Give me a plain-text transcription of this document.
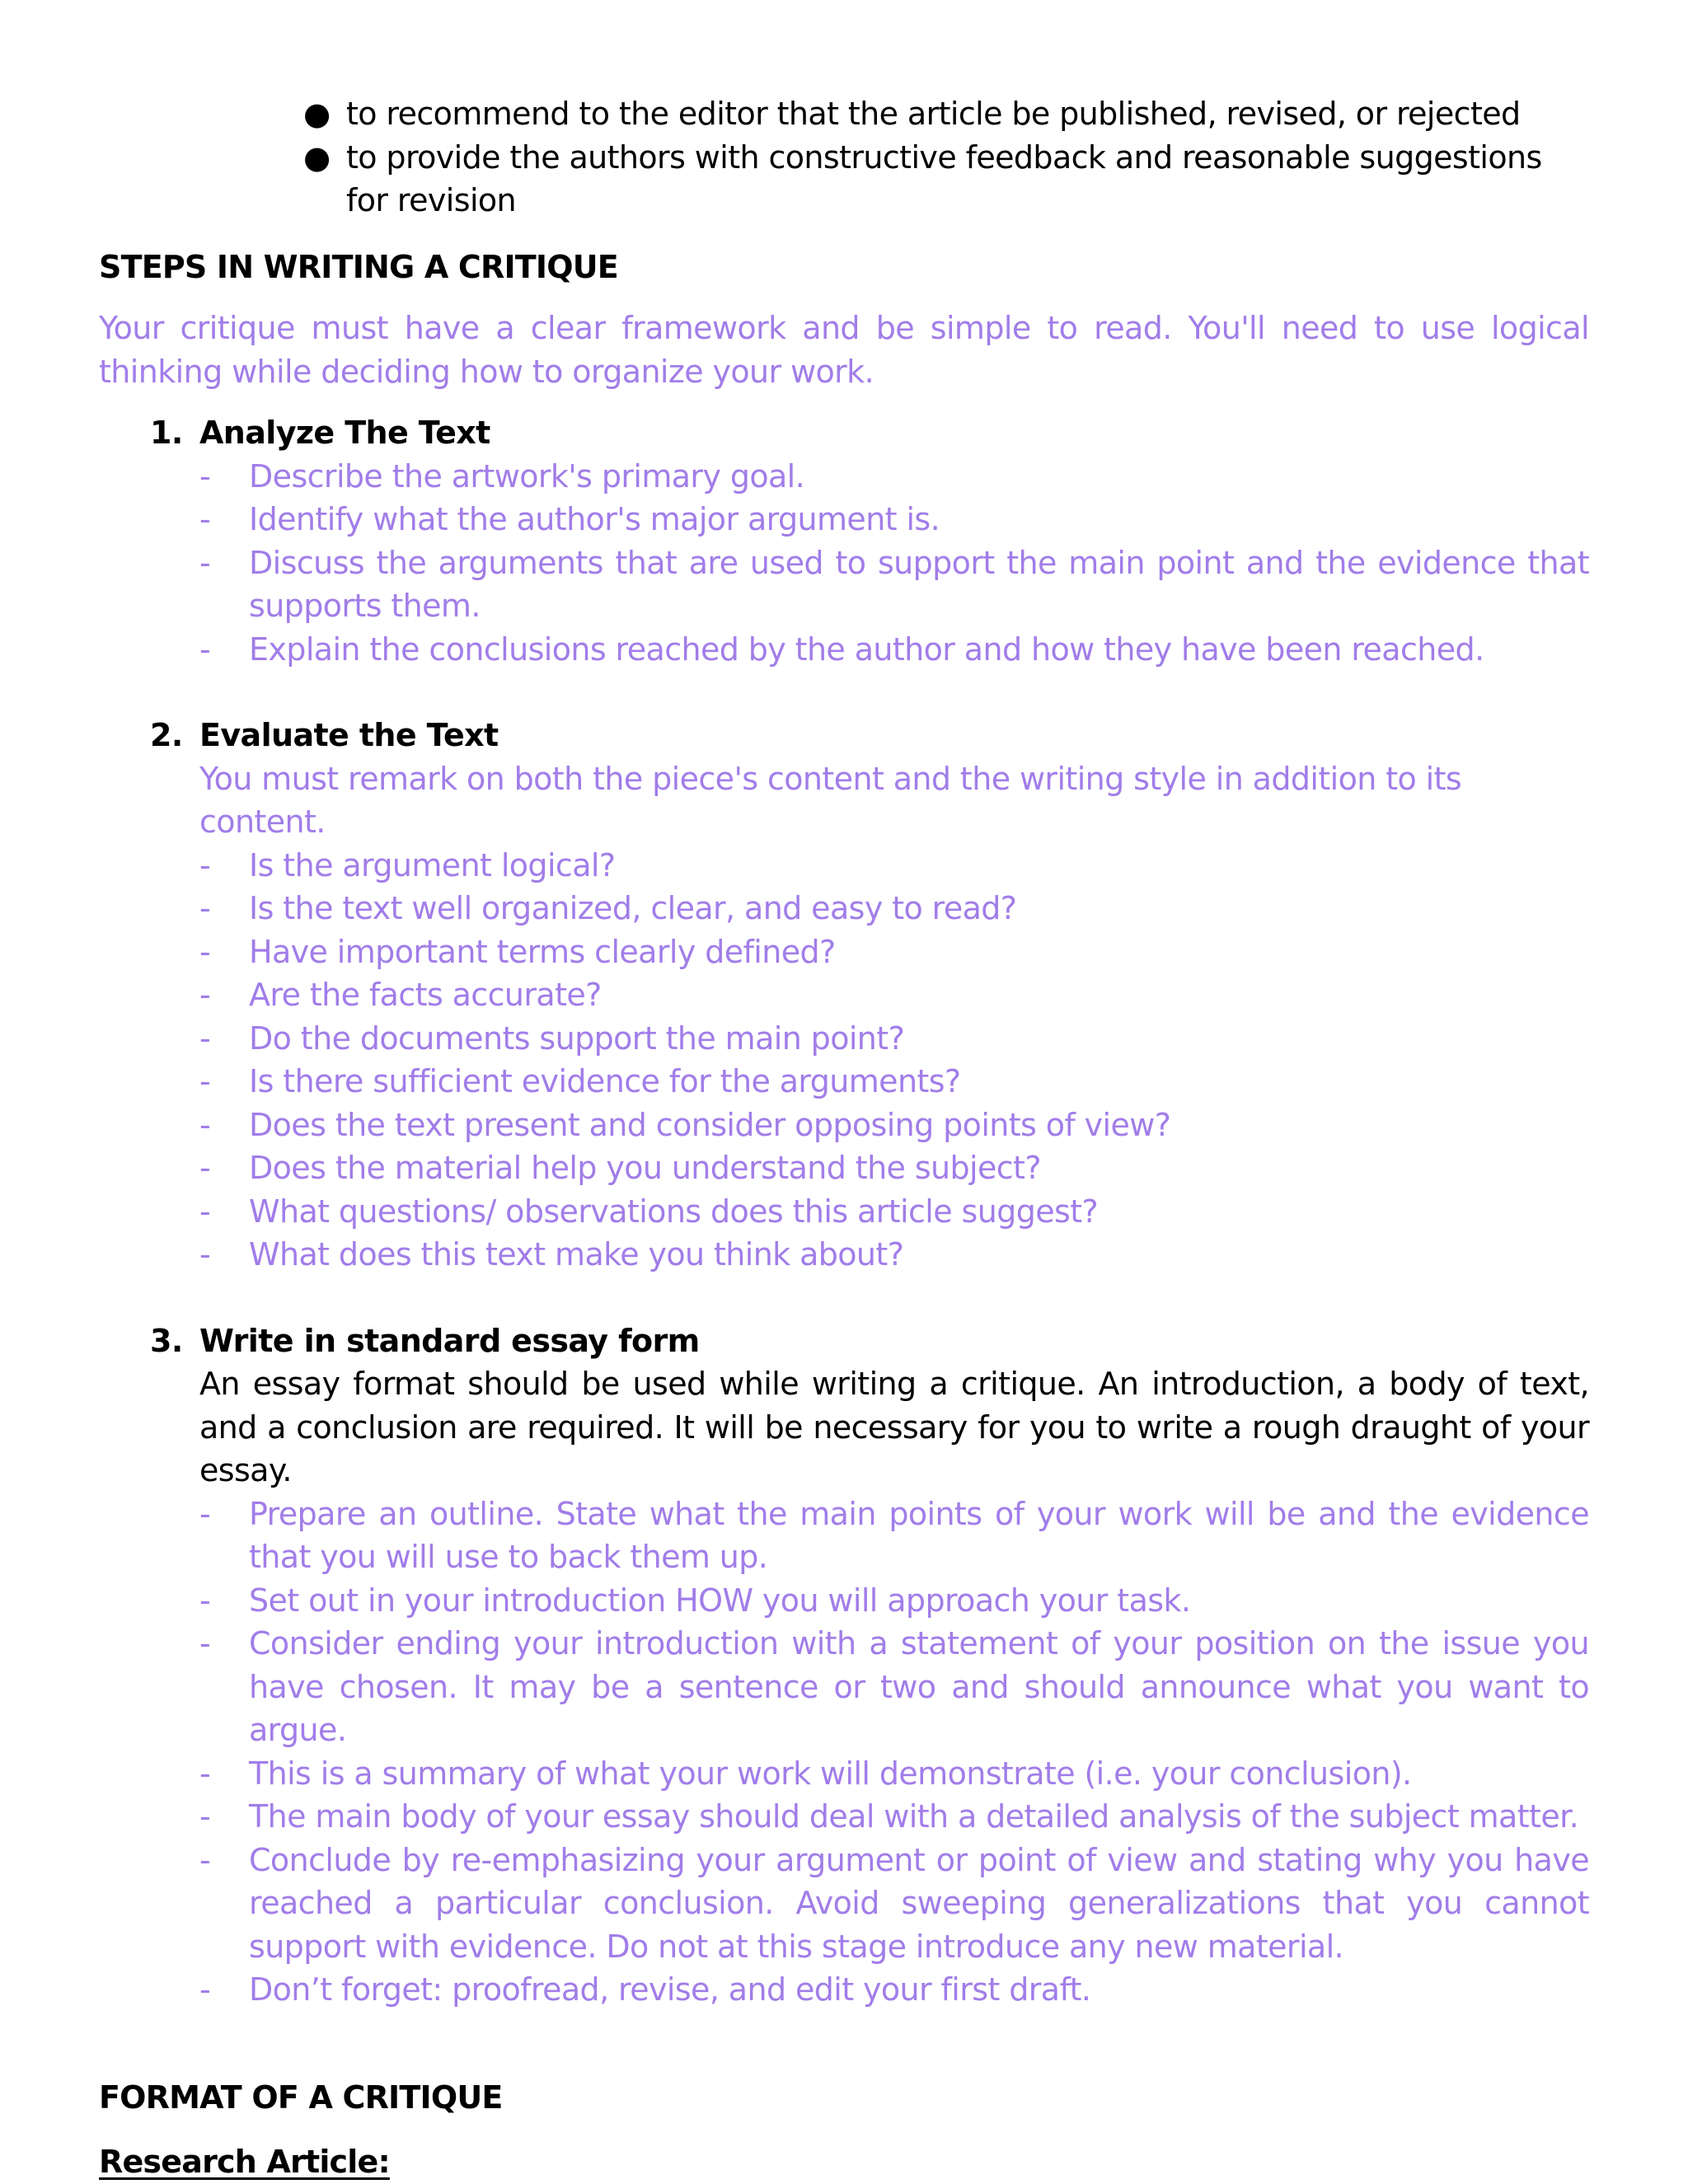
● to recommend to the editor that the article be published, revised, or rejected
● to provide the authors with constructive feedback and reasonable suggestions for revision
STEPS IN WRITING A CRITIQUE
Your critique must have a clear framework and be simple to read. You'll need to use logical thinking while deciding how to organize your work.
1. Analyze The Text
- Describe the artwork's primary goal.
- Identify what the author's major argument is.
- Discuss the arguments that are used to support the main point and the evidence that supports them.
- Explain the conclusions reached by the author and how they have been reached.
2. Evaluate the Text
You must remark on both the piece's content and the writing style in addition to its content.
- Is the argument logical?
- Is the text well organized, clear, and easy to read?
- Have important terms clearly defined?
- Are the facts accurate?
- Do the documents support the main point?
- Is there sufficient evidence for the arguments?
- Does the text present and consider opposing points of view?
- Does the material help you understand the subject?
- What questions/ observations does this article suggest?
- What does this text make you think about?
3. Write in standard essay form
An essay format should be used while writing a critique. An introduction, a body of text, and a conclusion are required. It will be necessary for you to write a rough draught of your essay.
- Prepare an outline. State what the main points of your work will be and the evidence that you will use to back them up.
- Set out in your introduction HOW you will approach your task.
- Consider ending your introduction with a statement of your position on the issue you have chosen. It may be a sentence or two and should announce what you want to argue.
- This is a summary of what your work will demonstrate (i.e. your conclusion).
- The main body of your essay should deal with a detailed analysis of the subject matter.
- Conclude by re-emphasizing your argument or point of view and stating why you have reached a particular conclusion. Avoid sweeping generalizations that you cannot support with evidence. Do not at this stage introduce any new material.
- Don’t forget: proofread, revise, and edit your first draft.
FORMAT OF A CRITIQUE
Research Article:
